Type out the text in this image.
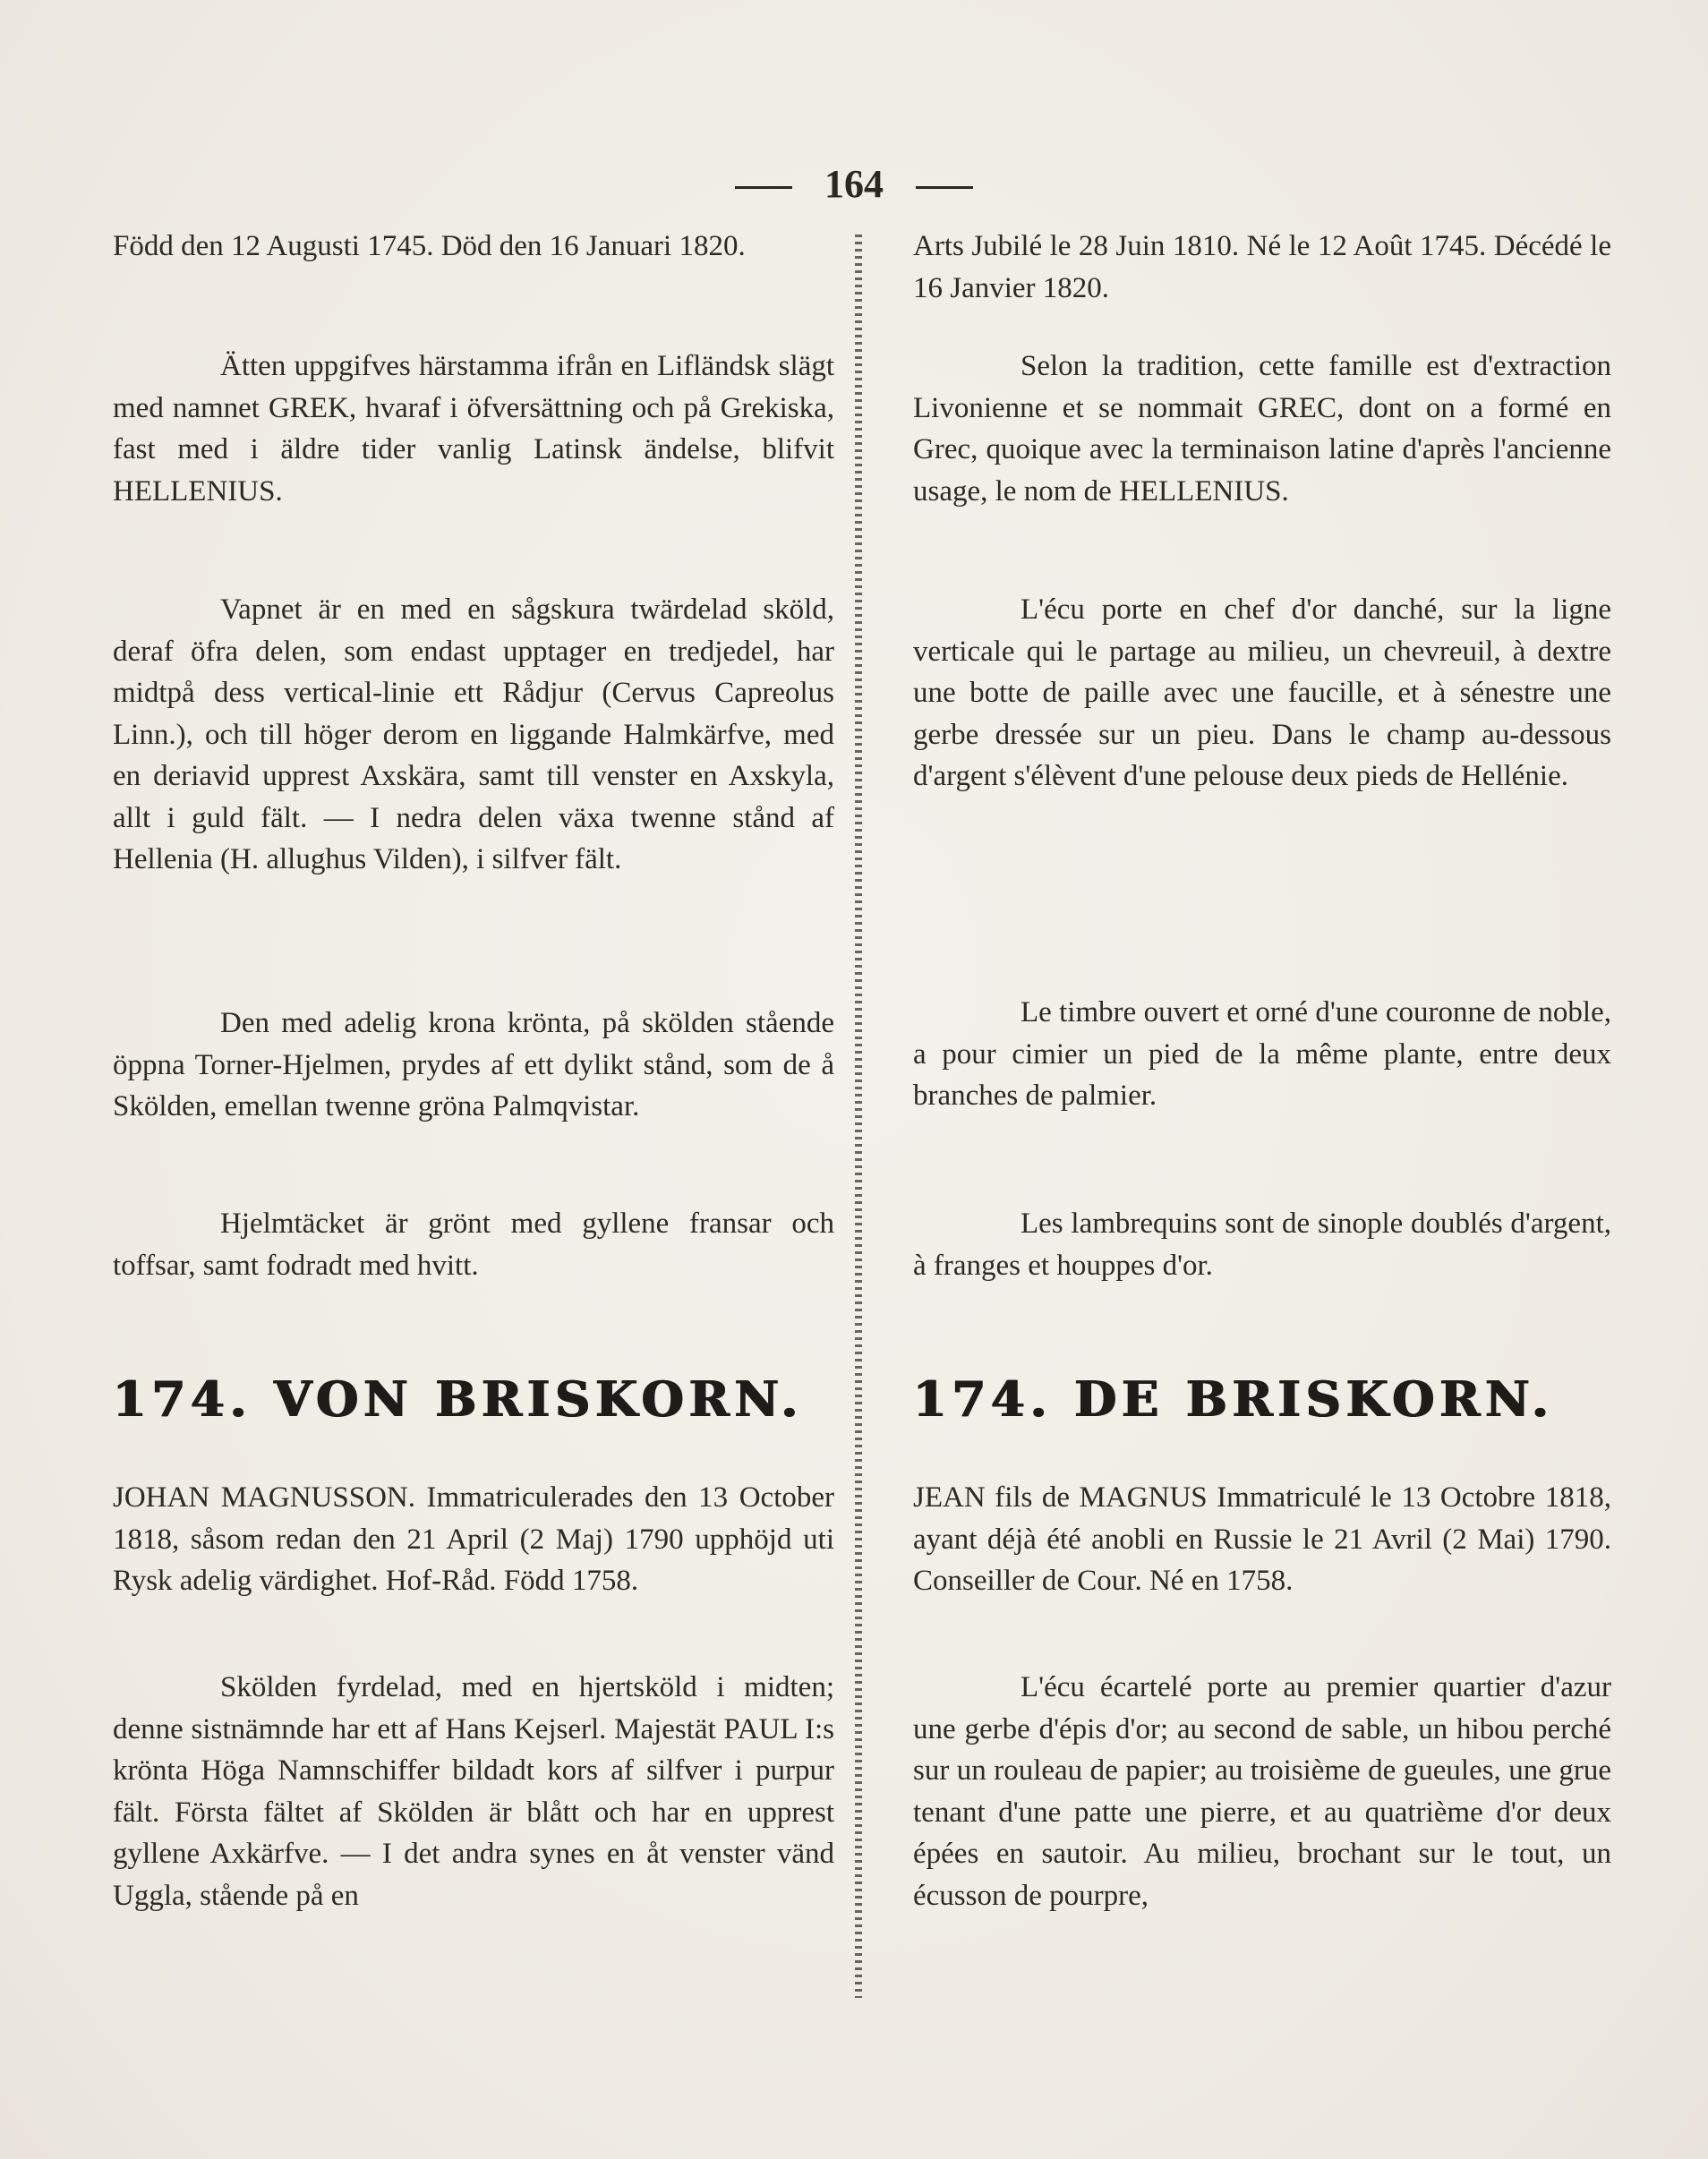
164

Född den 12 Augusti 1745. Död den 16 Januari 1820.

Ätten uppgifves härstamma ifrån en Lifländsk slägt med namnet GREK, hvaraf i öfversättning och på Grekiska, fast med i äldre tider vanlig Latinsk ändelse, blifvit HELLENIUS.

Vapnet är en med en sågskura twärdelad sköld, deraf öfra delen, som endast upptager en tredjedel, har midtpå dess vertical-linie ett Rådjur (Cervus Capreolus Linn.), och till höger derom en liggande Halmkärfve, med en deriavid upprest Axskära, samt till venster en Axskyla, allt i guld fält. — I nedra delen växa twenne stånd af Hellenia (H. allughus Vilden), i silfver fält.

Den med adelig krona krönta, på skölden stående öppna Torner-Hjelmen, prydes af ett dylikt stånd, som de å Skölden, emellan twenne gröna Palmqvistar.

Hjelmtäcket är grönt med gyllene fransar och toffsar, samt fodradt med hvitt.

174. VON BRISKORN.

JOHAN MAGNUSSON. Immatriculerades den 13 October 1818, såsom redan den 21 April (2 Maj) 1790 upphöjd uti Rysk adelig värdighet. Hof-Råd. Född 1758.

Skölden fyrdelad, med en hjertsköld i midten; denne sistnämnde har ett af Hans Kejserl. Majestät PAUL I:s krönta Höga Namnschiffer bildadt kors af silfver i purpur fält. Första fältet af Skölden är blått och har en upprest gyllene Axkärfve. — I det andra synes en åt venster vänd Uggla, stående på en

Arts Jubilé le 28 Juin 1810. Né le 12 Août 1745. Décédé le 16 Janvier 1820.

Selon la tradition, cette famille est d'extraction Livonienne et se nommait GREC, dont on a formé en Grec, quoique avec la terminaison latine d'après l'ancienne usage, le nom de HELLENIUS.

L'écu porte en chef d'or danché, sur la ligne verticale qui le partage au milieu, un chevreuil, à dextre une botte de paille avec une faucille, et à sénestre une gerbe dressée sur un pieu. Dans le champ au-dessous d'argent s'élèvent d'une pelouse deux pieds de Hellénie.

Le timbre ouvert et orné d'une couronne de noble, a pour cimier un pied de la même plante, entre deux branches de palmier.

Les lambrequins sont de sinople doublés d'argent, à franges et houppes d'or.

174. DE BRISKORN.

JEAN fils de MAGNUS Immatriculé le 13 Octobre 1818, ayant déjà été anobli en Russie le 21 Avril (2 Mai) 1790. Conseiller de Cour. Né en 1758.

L'écu écartelé porte au premier quartier d'azur une gerbe d'épis d'or; au second de sable, un hibou perché sur un rouleau de papier; au troisième de gueules, une grue tenant d'une patte une pierre, et au quatrième d'or deux épées en sautoir. Au milieu, brochant sur le tout, un écusson de pourpre,
